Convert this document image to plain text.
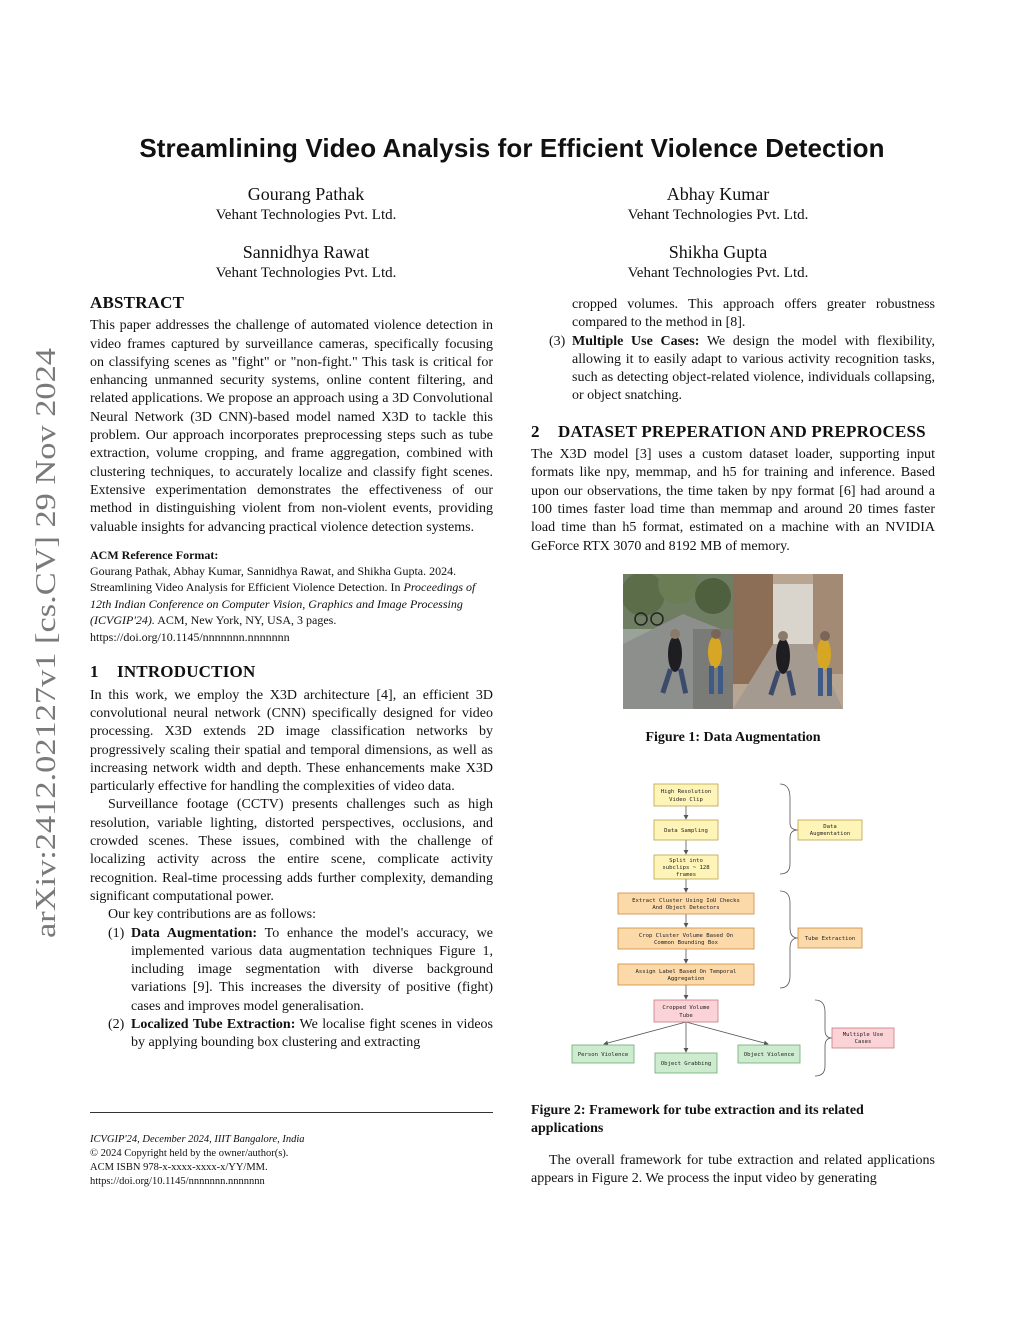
arXiv:2412.02127v1 [cs.CV] 29 Nov 2024
Streamlining Video Analysis for Efficient Violence Detection
Gourang Pathak
Vehant Technologies Pvt. Ltd.
Abhay Kumar
Vehant Technologies Pvt. Ltd.
Sannidhya Rawat
Vehant Technologies Pvt. Ltd.
Shikha Gupta
Vehant Technologies Pvt. Ltd.
ABSTRACT

This paper addresses the challenge of automated violence detection in video frames captured by surveillance cameras, specifically focusing on classifying scenes as "fight" or "non-fight." This task is critical for enhancing unmanned security systems, online content filtering, and related applications. We propose an approach using a 3D Convolutional Neural Network (3D CNN)-based model named X3D to tackle this problem. Our approach incorporates preprocessing steps such as tube extraction, volume cropping, and frame aggregation, combined with clustering techniques, to accurately localize and classify fight scenes. Extensive experimentation demonstrates the effectiveness of our method in distinguishing violent from non-violent events, providing valuable insights for advancing practical violence detection systems.

ACM Reference Format:
Gourang Pathak, Abhay Kumar, Sannidhya Rawat, and Shikha Gupta. 2024. Streamlining Video Analysis for Efficient Violence Detection. In Proceedings of 12th Indian Conference on Computer Vision, Graphics and Image Processing (ICVGIP'24). ACM, New York, NY, USA, 3 pages. https://doi.org/10.1145/nnnnnnn.nnnnnnn
1 INTRODUCTION

In this work, we employ the X3D architecture [4], an efficient 3D convolutional neural network (CNN) specifically designed for video processing. X3D extends 2D image classification networks by progressively scaling their spatial and temporal dimensions, as well as increasing network width and depth. These enhancements make X3D particularly effective for handling the complexities of video data.

Surveillance footage (CCTV) presents challenges such as high resolution, variable lighting, distorted perspectives, occlusions, and crowded scenes. These issues, combined with the challenge of localizing activity across the entire scene, complicate activity recognition. Real-time processing adds further complexity, demanding significant computational power.

Our key contributions are as follows:

(1) Data Augmentation: To enhance the model's accuracy, we implemented various data augmentation techniques Figure 1, including image segmentation with diverse background variations [9]. This increases the diversity of positive (fight) cases and improves model generalisation.
(2) Localized Tube Extraction: We localise fight scenes in videos by applying bounding box clustering and extracting
ICVGIP'24, December 2024, IIIT Bangalore, India
© 2024 Copyright held by the owner/author(s).
ACM ISBN 978-x-xxxx-xxxx-x/YY/MM.
https://doi.org/10.1145/nnnnnnn.nnnnnnn
cropped volumes. This approach offers greater robustness compared to the method in [8].
(3) Multiple Use Cases: We design the model with flexibility, allowing it to easily adapt to various activity recognition tasks, such as detecting object-related violence, individuals collapsing, or object snatching.
2 DATASET PREPERATION AND PREPROCESS

The X3D model [3] uses a custom dataset loader, supporting input formats like npy, memmap, and h5 for training and inference. Based upon our observations, the time taken by npy format [6] had around a 100 times faster load time than memmap and around 20 times faster load time than h5 format, estimated on a machine with an NVIDIA GeForce RTX 3070 and 8192 MB of memory.

Figure 1: Data Augmentation
Figure 2: Framework for tube extraction and its related applications

The overall framework for tube extraction and related applications appears in Figure 2. We process the input video by generating

High Resolution
Video Clip
Data Sampling
Split into
subclips ~ 128
frames
Data
Augmentation
Extract Cluster Using IoU Checks
And Object Detectors
Crop Cluster Volume Based On
Common Bounding Box
Assign Label Based On Temporal
Aggregation
Tube Extraction
Cropped Volume
Tube
Multiple Use
Cases
Person Violence
Object Grabbing
Object Violence
